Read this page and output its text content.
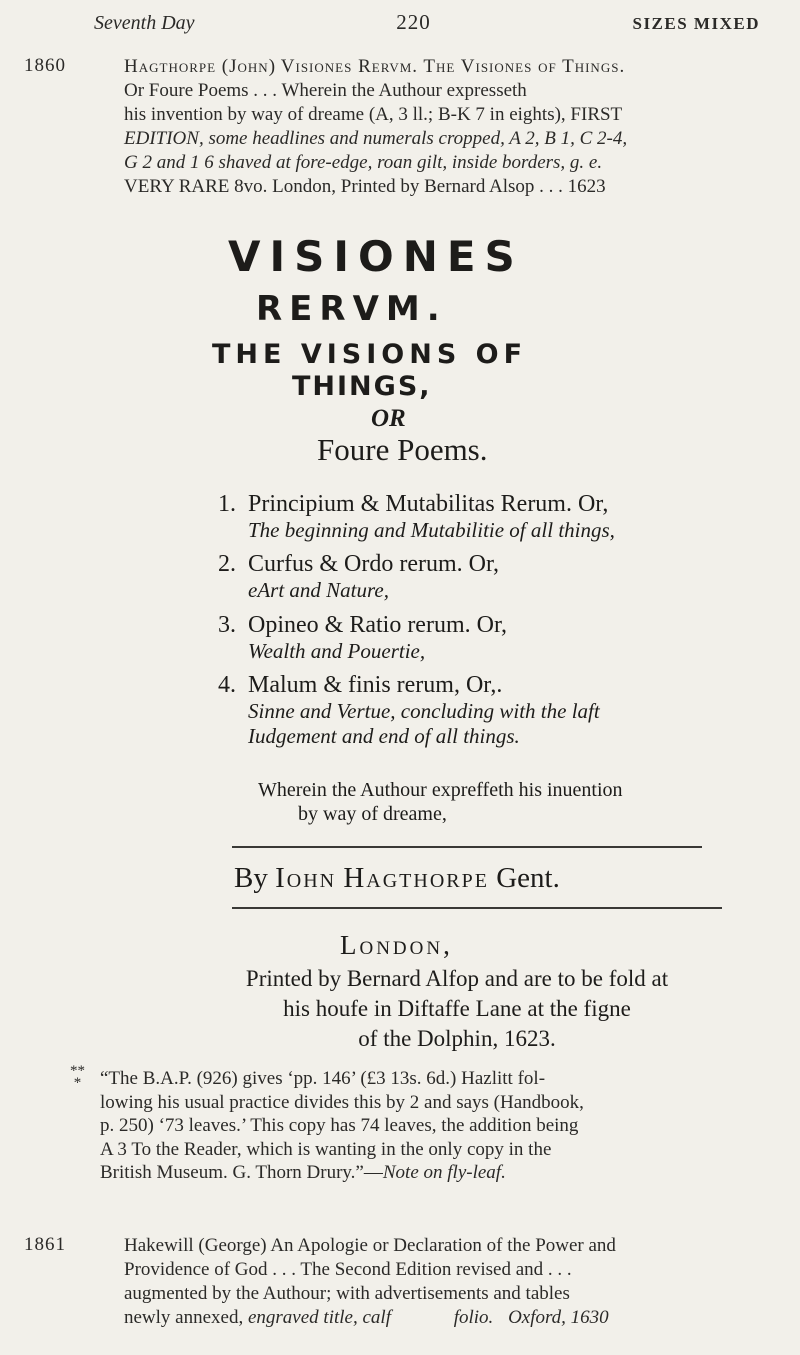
Seventh Day	220	SIZES MIXED
1860	Hagthorpe (John) Visiones Rervm. The Visiones of Things.
Or Foure Poems . . . Wherein the Authour expresseth
his invention by way of dreame (A, 3 ll.; B-K 7 in eights), FIRST
EDITION, some headlines and numerals cropped, A 2, B 1, C 2-4,
G 2 and 1 6 shaved at fore-edge, roan gilt, inside borders, g. e.
VERY RARE 8vo. London, Printed by Bernard Alsop . . . 1623
VISIONES
RERVM.
THE VISIONS OF
THINGS,
OR
Foure Poems.
1. Principium & Mutabilitas Rerum. Or,
The beginning and Mutabilitie of all things,
2. Curfus & Ordo rerum. Or,
eArt and Nature,
3. Opineo & Ratio rerum. Or,
Wealth and Pouertie,
4. Malum & finis rerum, Or,.
Sinne and Vertue, concluding with the laft
Iudgement and end of all things.
Wherein the Authour expreffeth his inuention
by way of dreame,
By Iohn Hagthorpe Gent.
London,
Printed by Bernard Alfop and are to be fold at
his houfe in Diftaffe Lane at the figne
of the Dolphin, 1623.
**
* “The B.A.P. (926) gives ‘pp. 146’ (£3 13s. 6d.) Hazlitt fol-
lowing his usual practice divides this by 2 and says (Handbook,
p. 250) ‘73 leaves.’ This copy has 74 leaves, the addition being
A 3 To the Reader, which is wanting in the only copy in the
British Museum. G. Thorn Drury.”—Note on fly-leaf.
1861	Hakewill (George) An Apologie or Declaration of the Power and
Providence of God . . . The Second Edition revised and . . .
augmented by the Authour; with advertisements and tables
newly annexed, engraved title, calf	folio. Oxford, 1630
